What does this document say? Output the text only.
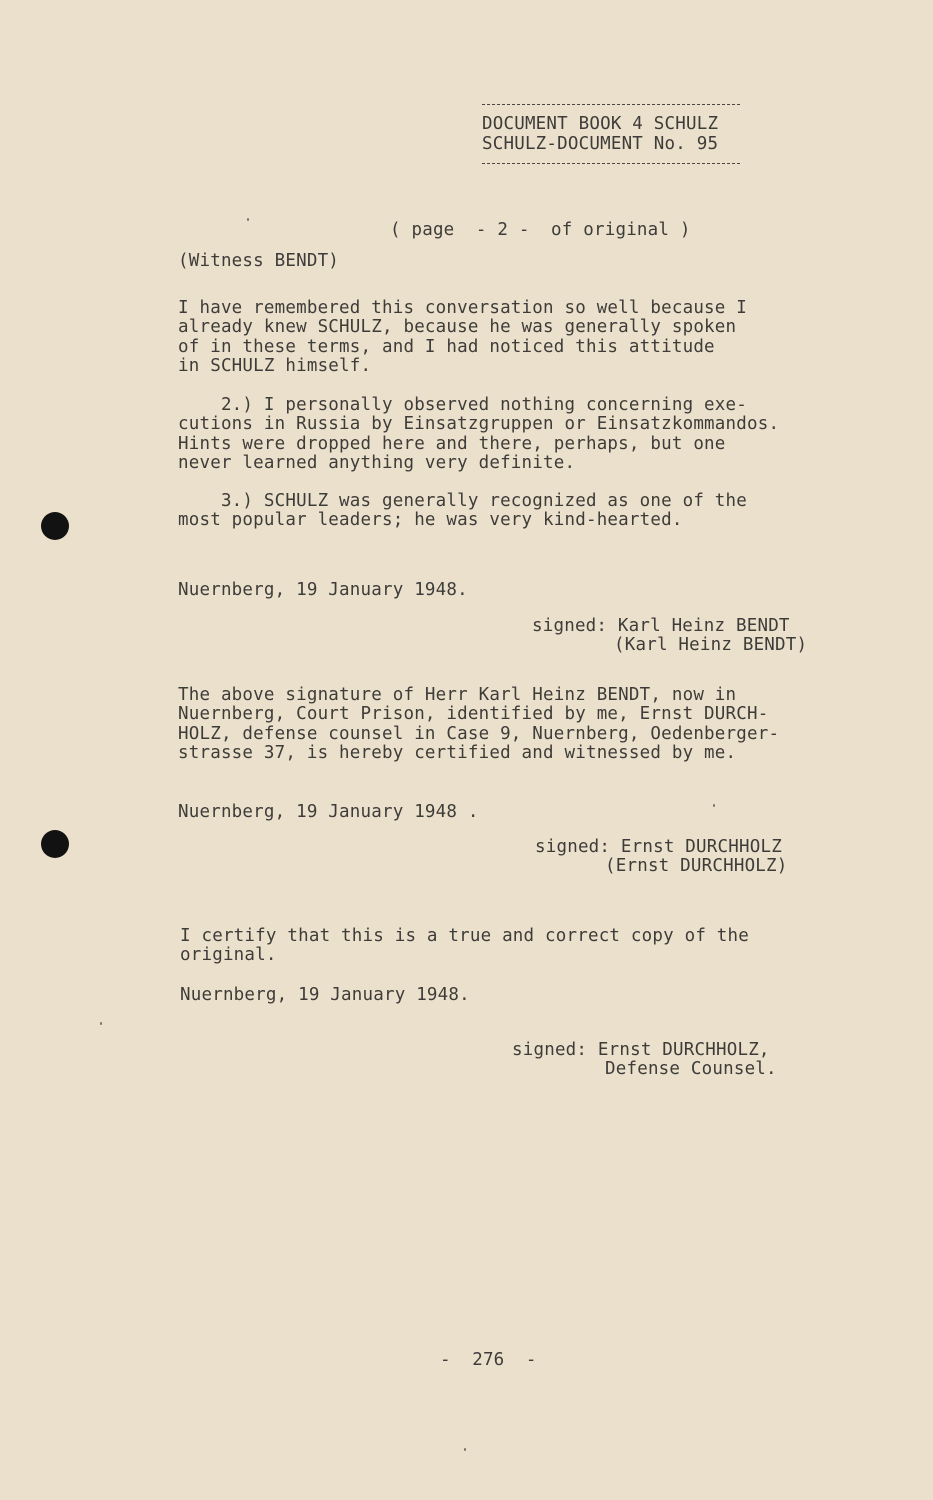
DOCUMENT BOOK 4 SCHULZ
SCHULZ-DOCUMENT No. 95
( page  - 2 -  of original )
(Witness BENDT)
I have remembered this conversation so well because I
already knew SCHULZ, because he was generally spoken
of in these terms, and I had noticed this attitude
in SCHULZ himself.
2.) I personally observed nothing concerning exe-
cutions in Russia by Einsatzgruppen or Einsatzkommandos.
Hints were dropped here and there, perhaps, but one
never learned anything very definite.
3.) SCHULZ was generally recognized as one of the
most popular leaders; he was very kind-hearted.
Nuernberg, 19 January 1948.
signed: Karl Heinz BENDT
(Karl Heinz BENDT)
The above signature of Herr Karl Heinz BENDT, now in
Nuernberg, Court Prison, identified by me, Ernst DURCH-
HOLZ, defense counsel in Case 9, Nuernberg, Oedenberger-
strasse 37, is hereby certified and witnessed by me.
Nuernberg, 19 January 1948 .
signed: Ernst DURCHHOLZ
(Ernst DURCHHOLZ)
I certify that this is a true and correct copy of the
original.
Nuernberg, 19 January 1948.
signed: Ernst DURCHHOLZ,
Defense Counsel.
-  276  -
